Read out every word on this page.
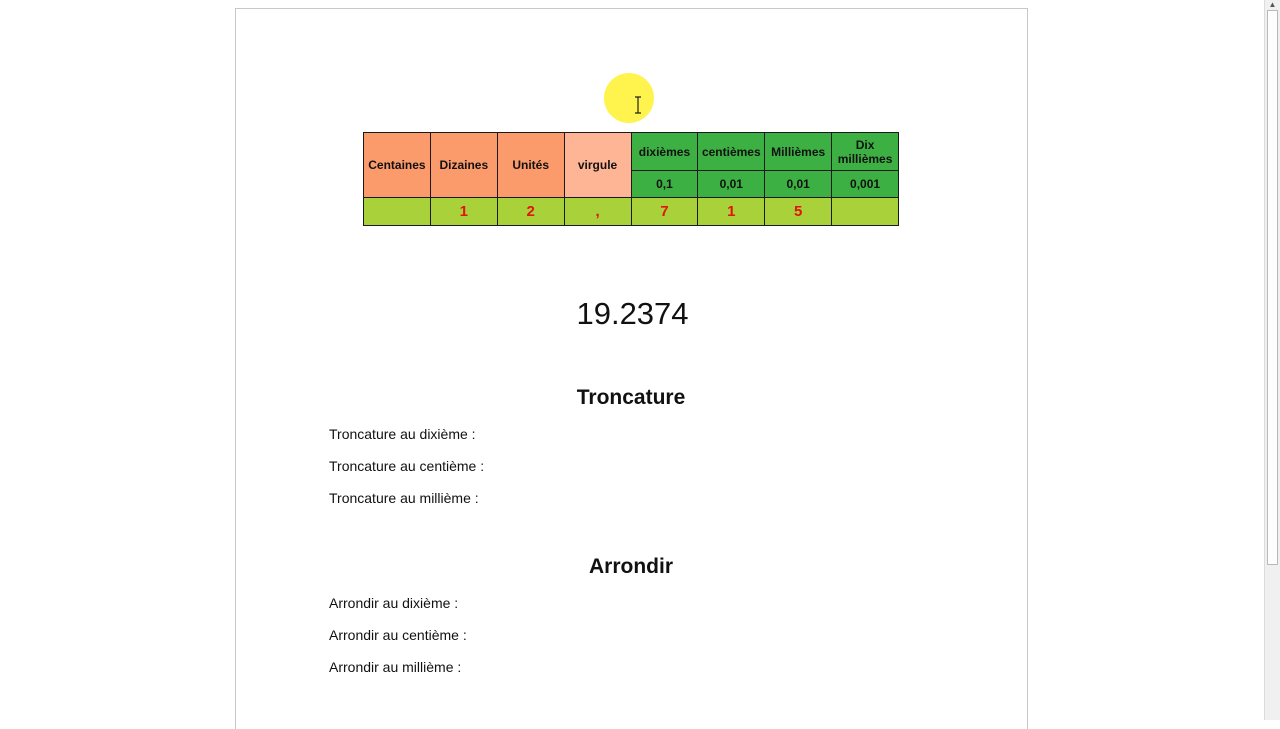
Centaines	Dizaines	Unités	virgule	dixièmes	centièmes	Millièmes	Dix millièmes
				0,1	0,01	0,01	0,001
	1	2	,	7	1	5	
19.2374
Troncature
Troncature au dixième :
Troncature au centième :
Troncature au millième :
Arrondir
Arrondir au dixième :
Arrondir au centième :
Arrondir au millième :
▲
